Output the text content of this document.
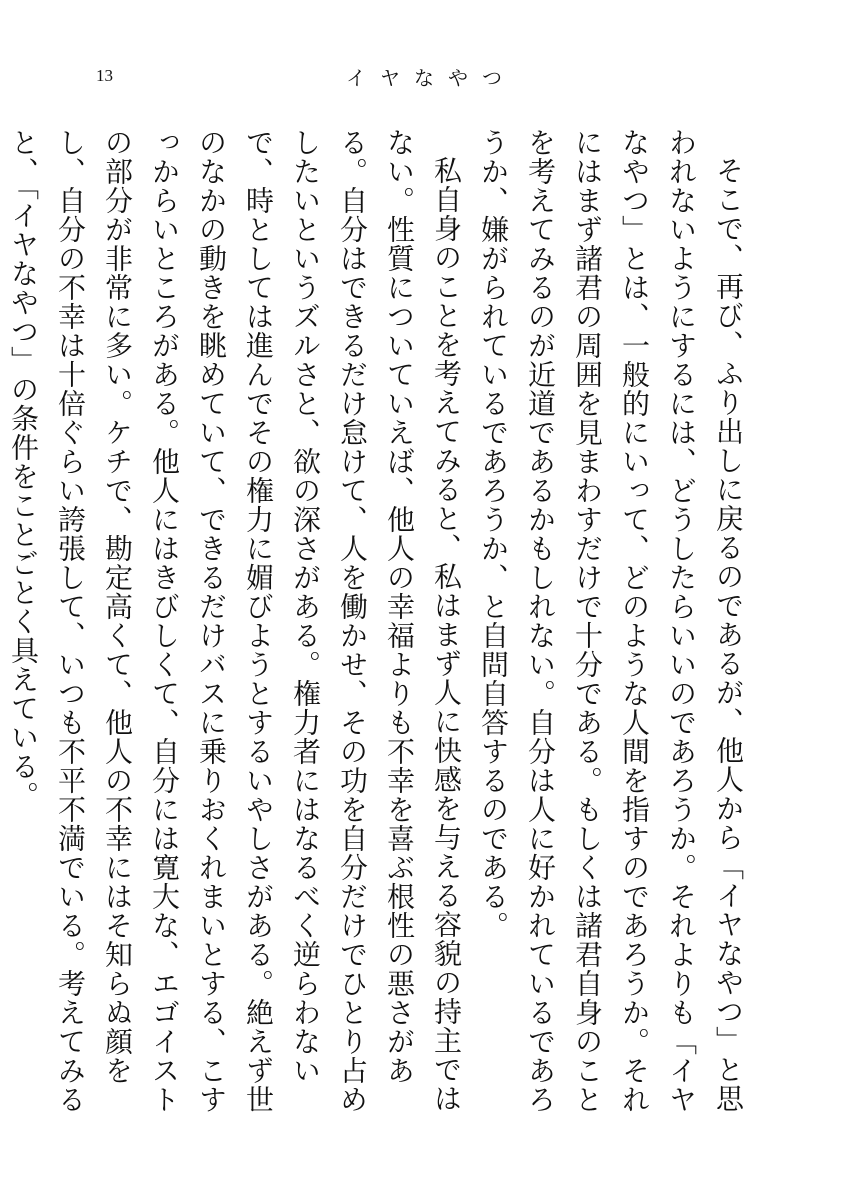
13	イヤなやつ

そこで、再び、ふり出しに戻るのであるが、他人から「イヤなやつ」と思われないようにするには、どうしたらいいのであろうか。それよりも「イヤなやつ」とは、一般的にいって、どのような人間を指すのであろうか。それにはまず諸君の周囲を見まわすだけで十分である。もしくは諸君自身のことを考えてみるのが近道であるかもしれない。自分は人に好かれているであろうか、嫌がられているであろうか、と自問自答するのである。

私自身のことを考えてみると、私はまず人に快感を与える容貌の持主ではない。性質についていえば、他人の幸福よりも不幸を喜ぶ根性の悪さがある。自分はできるだけ怠けて、人を働かせ、その功を自分だけでひとり占めしたいというズルさと、欲の深さがある。権力者にはなるべく逆らわないで、時としては進んでその権力に媚びようとするいやしさがある。絶えず世のなかの動きを眺めていて、できるだけバスに乗りおくれまいとする、こすっからいところがある。他人にはきびしくて、自分には寛大な、エゴイストの部分が非常に多い。ケチで、勘定高くて、他人の不幸にはそ知らぬ顔をし、自分の不幸は十倍ぐらい誇張して、いつも不平不満でいる。考えてみると、「イヤなやつ」の条件をことごとく具えている。
